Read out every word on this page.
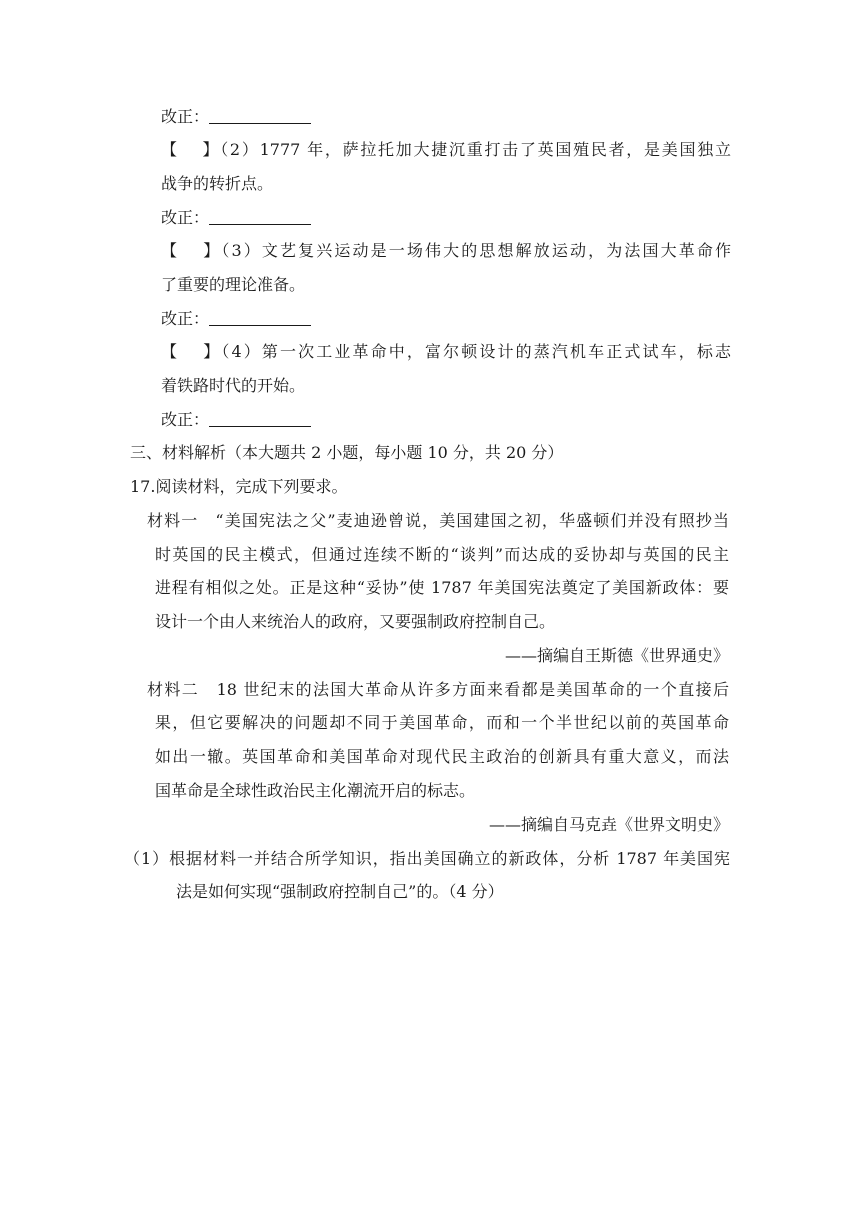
改正：
【 】（2）1777 年，萨拉托加大捷沉重打击了英国殖民者，是美国独立
战争的转折点。
改正：
【 】（3）文艺复兴运动是一场伟大的思想解放运动，为法国大革命作
了重要的理论准备。
改正：
【 】（4）第一次工业革命中，富尔顿设计的蒸汽机车正式试车，标志
着铁路时代的开始。
改正：
三、材料解析（本大题共 2 小题，每小题 10 分，共 20 分）
17.阅读材料，完成下列要求。
材料一　“美国宪法之父”麦迪逊曾说，美国建国之初，华盛顿们并没有照抄当
时英国的民主模式，但通过连续不断的“谈判”而达成的妥协却与英国的民主
进程有相似之处。正是这种“妥协”使 1787 年美国宪法奠定了美国新政体：要
设计一个由人来统治人的政府，又要强制政府控制自己。
——摘编自王斯德《世界通史》
材料二　18 世纪末的法国大革命从许多方面来看都是美国革命的一个直接后
果，但它要解决的问题却不同于美国革命，而和一个半世纪以前的英国革命
如出一辙。英国革命和美国革命对现代民主政治的创新具有重大意义，而法
国革命是全球性政治民主化潮流开启的标志。
——摘编自马克垚《世界文明史》
（1）根据材料一并结合所学知识，指出美国确立的新政体，分析 1787 年美国宪
法是如何实现“强制政府控制自己”的。（4 分）
